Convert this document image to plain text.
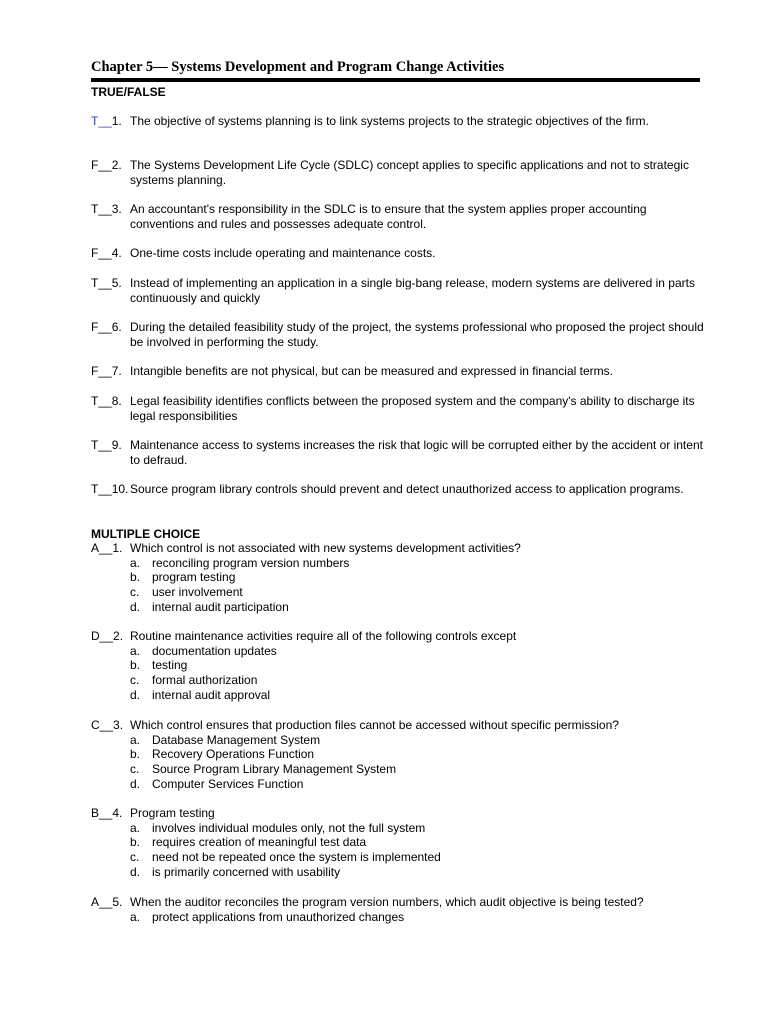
Chapter 5— Systems Development and Program Change Activities
TRUE/FALSE
T__1. The objective of systems planning is to link systems projects to the strategic objectives of the firm.
F__2. The Systems Development Life Cycle (SDLC) concept applies to specific applications and not to strategic systems planning.
T__3. An accountant's responsibility in the SDLC is to ensure that the system applies proper accounting conventions and rules and possesses adequate control.
F__4. One-time costs include operating and maintenance costs.
T__5. Instead of implementing an application in a single big-bang release, modern systems are delivered in parts continuously and quickly
F__6. During the detailed feasibility study of the project, the systems professional who proposed the project should be involved in performing the study.
F__7. Intangible benefits are not physical, but can be measured and expressed in financial terms.
T__8. Legal feasibility identifies conflicts between the proposed system and the company's ability to discharge its legal responsibilities
T__9. Maintenance access to systems increases the risk that logic will be corrupted either by the accident or intent to defraud.
T__10. Source program library controls should prevent and detect unauthorized access to application programs.
MULTIPLE CHOICE
A__1. Which control is not associated with new systems development activities?
a. reconciling program version numbers
b. program testing
c. user involvement
d. internal audit participation
D__2. Routine maintenance activities require all of the following controls except
a. documentation updates
b. testing
c. formal authorization
d. internal audit approval
C__3. Which control ensures that production files cannot be accessed without specific permission?
a. Database Management System
b. Recovery Operations Function
c. Source Program Library Management System
d. Computer Services Function
B__4. Program testing
a. involves individual modules only, not the full system
b. requires creation of meaningful test data
c. need not be repeated once the system is implemented
d. is primarily concerned with usability
A__5. When the auditor reconciles the program version numbers, which audit objective is being tested?
a. protect applications from unauthorized changes
